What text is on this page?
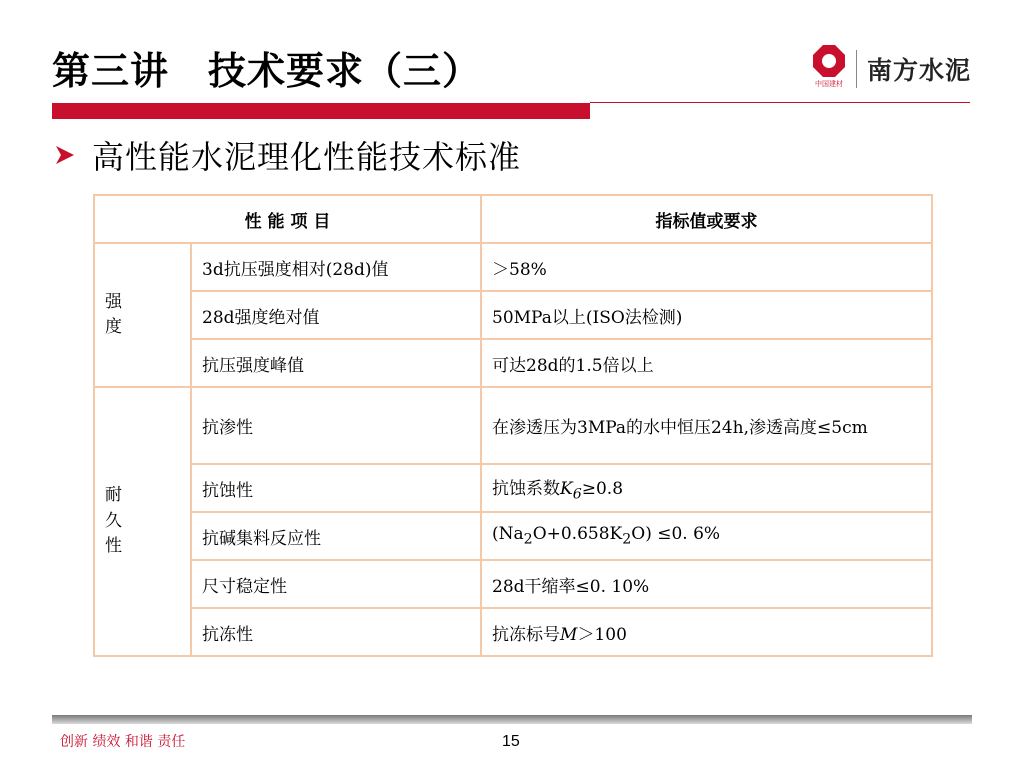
第三讲　技术要求（三）	中国建材 南方水泥
高性能水泥理化性能技术标准
性 能 项 目		指标值或要求

强
度	3d抗压强度相对(28d)值	＞58%
	28d强度绝对值	50MPa以上(ISO法检测)
	抗压强度峰值	可达28d的1.5倍以上

耐
久
性	抗渗性	在渗透压为3MPa的水中恒压24h,渗透高度≤5cm
	抗蚀性	抗蚀系数$K_6\ge 0.8$
	抗碱集料反应性	$(Na_2O+0.658K_2O) \le 0$. 6%
	尺寸稳定性	28d干缩率≤0. 10%
	抗冻性	抗冻标号M＞100
创新 绩效 和谐 责任	15
